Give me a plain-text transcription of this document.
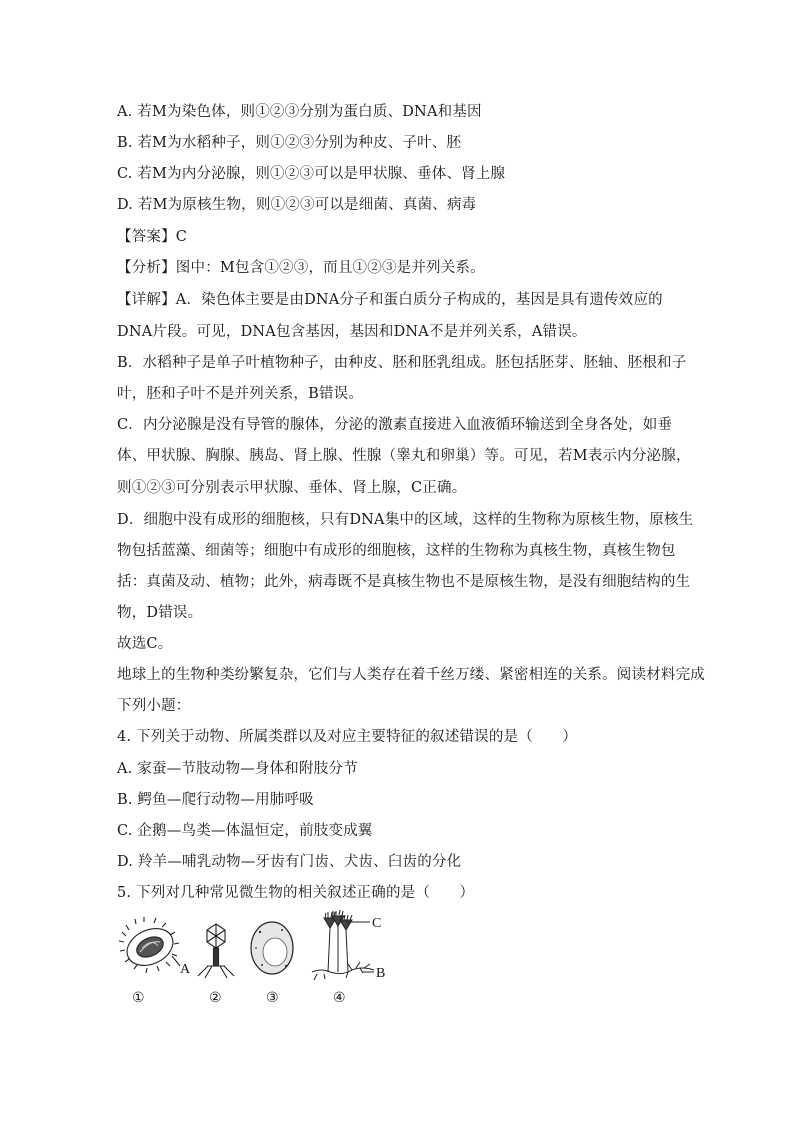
A. 若M为染色体，则①②③分别为蛋白质、DNA和基因
B. 若M为水稻种子，则①②③分别为种皮、子叶、胚
C. 若M为内分泌腺，则①②③可以是甲状腺、垂体、肾上腺
D. 若M为原核生物，则①②③可以是细菌、真菌、病毒
【答案】C
【分析】图中：M包含①②③，而且①②③是并列关系。
【详解】A．染色体主要是由DNA分子和蛋白质分子构成的，基因是具有遗传效应的
DNA片段。可见，DNA包含基因，基因和DNA不是并列关系，A错误。
B．水稻种子是单子叶植物种子，由种皮、胚和胚乳组成。胚包括胚芽、胚轴、胚根和子
叶，胚和子叶不是并列关系，B错误。
C．内分泌腺是没有导管的腺体，分泌的激素直接进入血液循环输送到全身各处，如垂
体、甲状腺、胸腺、胰岛、肾上腺、性腺（睾丸和卵巢）等。可见，若M表示内分泌腺，
则①②③可分别表示甲状腺、垂体、肾上腺，C正确。
D．细胞中没有成形的细胞核，只有DNA集中的区域，这样的生物称为原核生物，原核生
物包括蓝藻、细菌等；细胞中有成形的细胞核，这样的生物称为真核生物，真核生物包
括：真菌及动、植物；此外，病毒既不是真核生物也不是原核生物，是没有细胞结构的生
物，D错误。
故选C。
地球上的生物种类纷繁复杂，它们与人类存在着千丝万缕、紧密相连的关系。阅读材料完成
下列小题：
4. 下列关于动物、所属类群以及对应主要特征的叙述错误的是（　　）
A. 家蚕—节肢动物—身体和附肢分节
B. 鳄鱼—爬行动物—用肺呼吸
C. 企鹅—鸟类—体温恒定，前肢变成翼
D. 羚羊—哺乳动物—牙齿有门齿、犬齿、臼齿的分化
5. 下列对几种常见微生物的相关叙述正确的是（　　）
A
C
B
①	②	③	④
